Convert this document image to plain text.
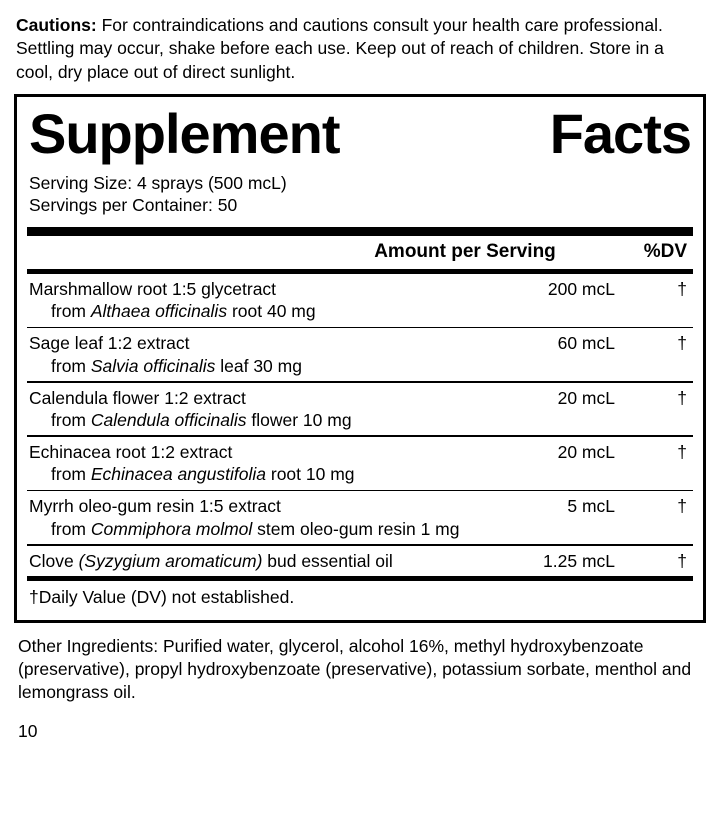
Cautions: For contraindications and cautions consult your health care professional. Settling may occur, shake before each use. Keep out of reach of children. Store in a cool, dry place out of direct sunlight.

Supplement	Facts
Serving Size: 4 sprays (500 mcL)
Servings per Container: 50
Amount per Serving	%DV
Marshmallow root 1:5 glycetract	200 mcL	†
from Althaea officinalis root 40 mg
Sage leaf 1:2 extract	60 mcL	†
from Salvia officinalis leaf 30 mg
Calendula flower 1:2 extract	20 mcL	†
from Calendula officinalis flower 10 mg
Echinacea root 1:2 extract	20 mcL	†
from Echinacea angustifolia root 10 mg
Myrrh oleo-gum resin 1:5 extract	5 mcL	†
from Commiphora molmol stem oleo-gum resin 1 mg
Clove (Syzygium aromaticum) bud essential oil	1.25 mcL	†
†Daily Value (DV) not established.

Other Ingredients: Purified water, glycerol, alcohol 16%, methyl hydroxybenzoate (preservative), propyl hydroxybenzoate (preservative), potassium sorbate, menthol and lemongrass oil.

10
